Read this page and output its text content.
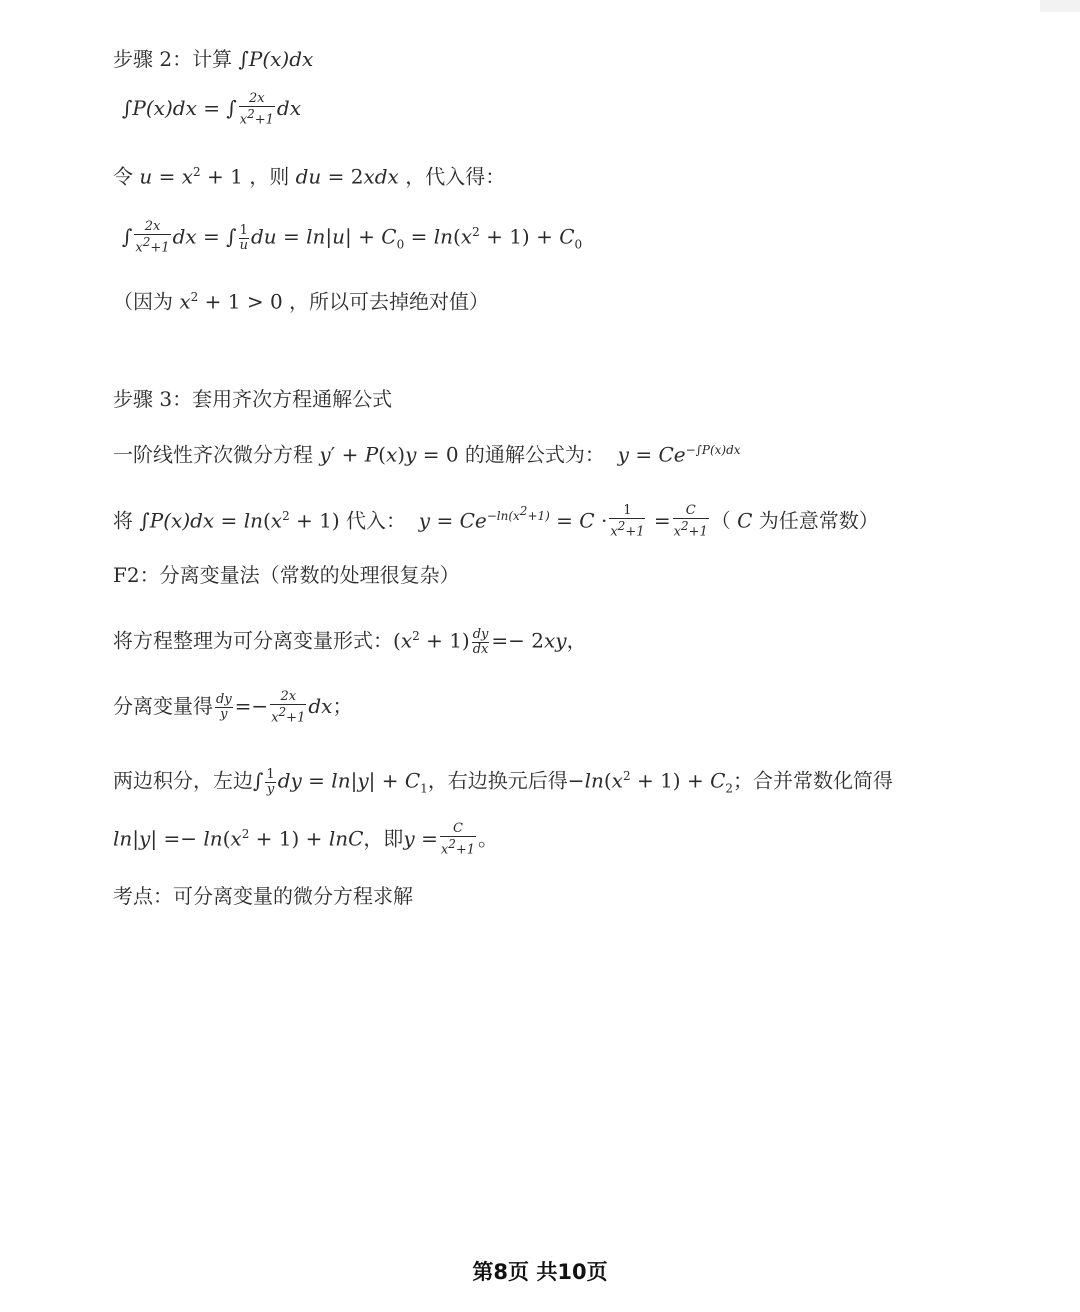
步骤 2：计算 ∫P(x)dx
∫P(x)dx = ∫ $\frac{2x}{x^2+1}$ dx
令 $u = x^2 + 1$ ，则 du = 2xdx ，代入得：
∫ $\frac{2x}{x^2+1}$ dx = ∫ $\frac{1}{u}$ du = $\ln|u| + C_0 = \ln(x^2 + 1) + C_0$
（因为 $x^2 + 1 > 0$ ，所以可去掉绝对值）
步骤 3：套用齐次方程通解公式
一阶线性齐次微分方程 y′ + P(x)y = 0 的通解公式为：  $y = Ce^{-\int P(x)dx}$
将 $\int P(x)dx = \ln(x^2 + 1)$ 代入：  $y = Ce^{-ln(x^2+1)} = C \cdot \frac{1}{x^2+1} = \frac{C}{x^2+1}$ （ C 为任意常数）
F2：分离变量法（常数的处理很复杂）
将方程整理为可分离变量形式：$(x^2 + 1) \frac{dy}{dx} =- 2xy$，
分离变量得 $\frac{dy}{y} =- \frac{2x}{x^2+1}$ dx；
两边积分，左边∫ $\frac{1}{y}$ dy = $\ln|y| + C_1$，右边换元后得$-\ln(x^2 + 1) + C_2$；合并常数化简得
$\ln|y| =- \ln(x^2 + 1) + \ln C$，即$y = \frac{C}{x^2+1}$ 。
考点：可分离变量的微分方程求解
第8页 共10页
